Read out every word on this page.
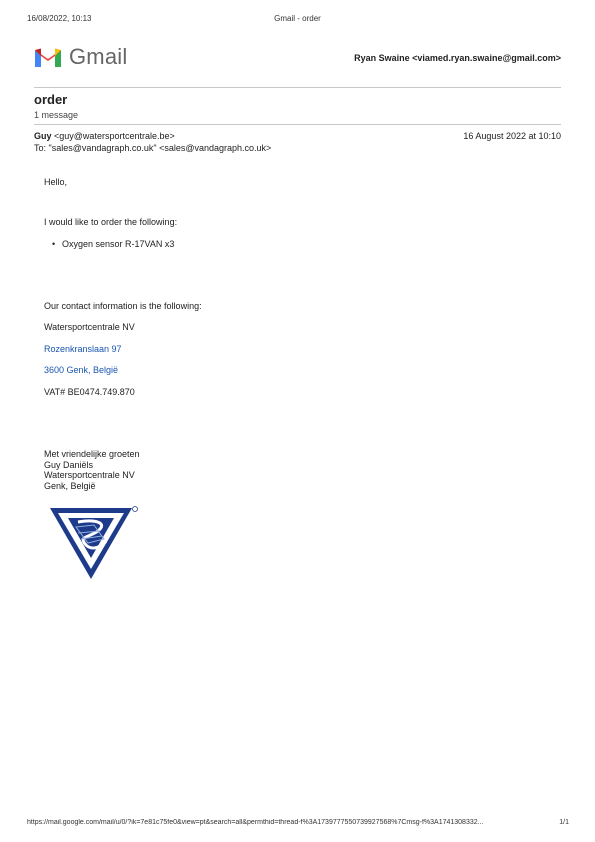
16/08/2022, 10:13	Gmail - order
Gmail	Ryan Swaine <viamed.ryan.swaine@gmail.com>
order
1 message
Guy <guy@watersportcentrale.be>	16 August 2022 at 10:10
To: "sales@vandagraph.co.uk" <sales@vandagraph.co.uk>
Hello,
I would like to order the following:
• Oxygen sensor R-17VAN x3
Our contact information is the following:
Watersportcentrale NV
Rozenkranslaan 97
3600 Genk, België
VAT# BE0474.749.870
Met vriendelijke groeten
Guy Daniëls
Watersportcentrale NV
Genk, België
https://mail.google.com/mail/u/0/?ik=7e81c75fe0&view=pt&search=all&permthid=thread-f%3A1739777550739927568%7Cmsg-f%3A1741308332...	1/1
